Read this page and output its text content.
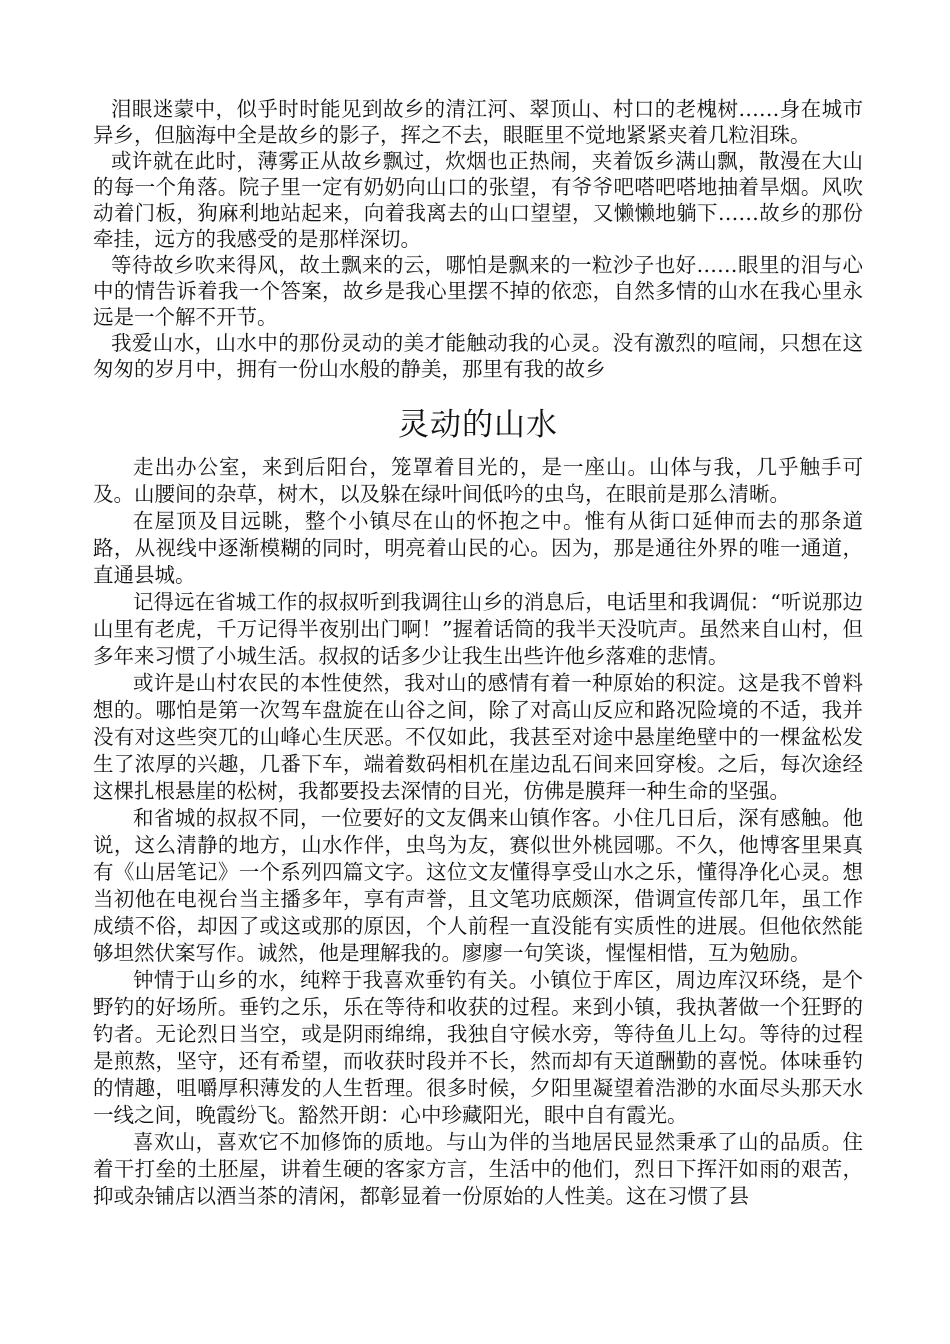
泪眼迷蒙中，似乎时时能见到故乡的清江河、翠顶山、村口的老槐树……身在城市异乡，但脑海中全是故乡的影子，挥之不去，眼眶里不觉地紧紧夹着几粒泪珠。

或许就在此时，薄雾正从故乡飘过，炊烟也正热闹，夹着饭乡满山飘，散漫在大山的每一个角落。院子里一定有奶奶向山口的张望，有爷爷吧嗒吧嗒地抽着旱烟。风吹动着门板，狗麻利地站起来，向着我离去的山口望望，又懒懒地躺下……故乡的那份牵挂，远方的我感受的是那样深切。

等待故乡吹来得风，故土飘来的云，哪怕是飘来的一粒沙子也好……眼里的泪与心中的情告诉着我一个答案，故乡是我心里摆不掉的依恋，自然多情的山水在我心里永远是一个解不开节。

我爱山水，山水中的那份灵动的美才能触动我的心灵。没有激烈的喧闹，只想在这匆匆的岁月中，拥有一份山水般的静美，那里有我的故乡

灵动的山水

走出办公室，来到后阳台，笼罩着目光的，是一座山。山体与我，几乎触手可及。山腰间的杂草，树木，以及躲在绿叶间低吟的虫鸟，在眼前是那么清晰。

在屋顶及目远眺，整个小镇尽在山的怀抱之中。惟有从街口延伸而去的那条道路，从视线中逐渐模糊的同时，明亮着山民的心。因为，那是通往外界的唯一通道，直通县城。

记得远在省城工作的叔叔听到我调往山乡的消息后，电话里和我调侃：“听说那边山里有老虎，千万记得半夜别出门啊！”握着话筒的我半天没吭声。虽然来自山村，但多年来习惯了小城生活。叔叔的话多少让我生出些许他乡落难的悲情。

或许是山村农民的本性使然，我对山的感情有着一种原始的积淀。这是我不曾料想的。哪怕是第一次驾车盘旋在山谷之间，除了对高山反应和路况险境的不适，我并没有对这些突兀的山峰心生厌恶。不仅如此，我甚至对途中悬崖绝壁中的一棵盆松发生了浓厚的兴趣，几番下车，端着数码相机在崖边乱石间来回穿梭。之后，每次途经这棵扎根悬崖的松树，我都要投去深情的目光，仿佛是膜拜一种生命的坚强。

和省城的叔叔不同，一位要好的文友偶来山镇作客。小住几日后，深有感触。他说，这么清静的地方，山水作伴，虫鸟为友，赛似世外桃园哪。不久，他博客里果真有《山居笔记》一个系列四篇文字。这位文友懂得享受山水之乐，懂得净化心灵。想当初他在电视台当主播多年，享有声誉，且文笔功底颇深，借调宣传部几年，虽工作成绩不俗，却因了或这或那的原因，个人前程一直没能有实质性的进展。但他依然能够坦然伏案写作。诚然，他是理解我的。廖廖一句笑谈，惺惺相惜，互为勉励。

钟情于山乡的水，纯粹于我喜欢垂钓有关。小镇位于库区，周边库汉环绕，是个野钓的好场所。垂钓之乐，乐在等待和收获的过程。来到小镇，我执著做一个狂野的钓者。无论烈日当空，或是阴雨绵绵，我独自守候水旁，等待鱼儿上勾。等待的过程是煎熬，坚守，还有希望，而收获时段并不长，然而却有天道酬勤的喜悦。体味垂钓的情趣，咀嚼厚积薄发的人生哲理。很多时候，夕阳里凝望着浩渺的水面尽头那天水一线之间，晚霞纷飞。豁然开朗：心中珍藏阳光，眼中自有霞光。

喜欢山，喜欢它不加修饰的质地。与山为伴的当地居民显然秉承了山的品质。住着干打垒的土胚屋，讲着生硬的客家方言，生活中的他们，烈日下挥汗如雨的艰苦，抑或杂铺店以酒当茶的清闲，都彰显着一份原始的人性美。这在习惯了县
